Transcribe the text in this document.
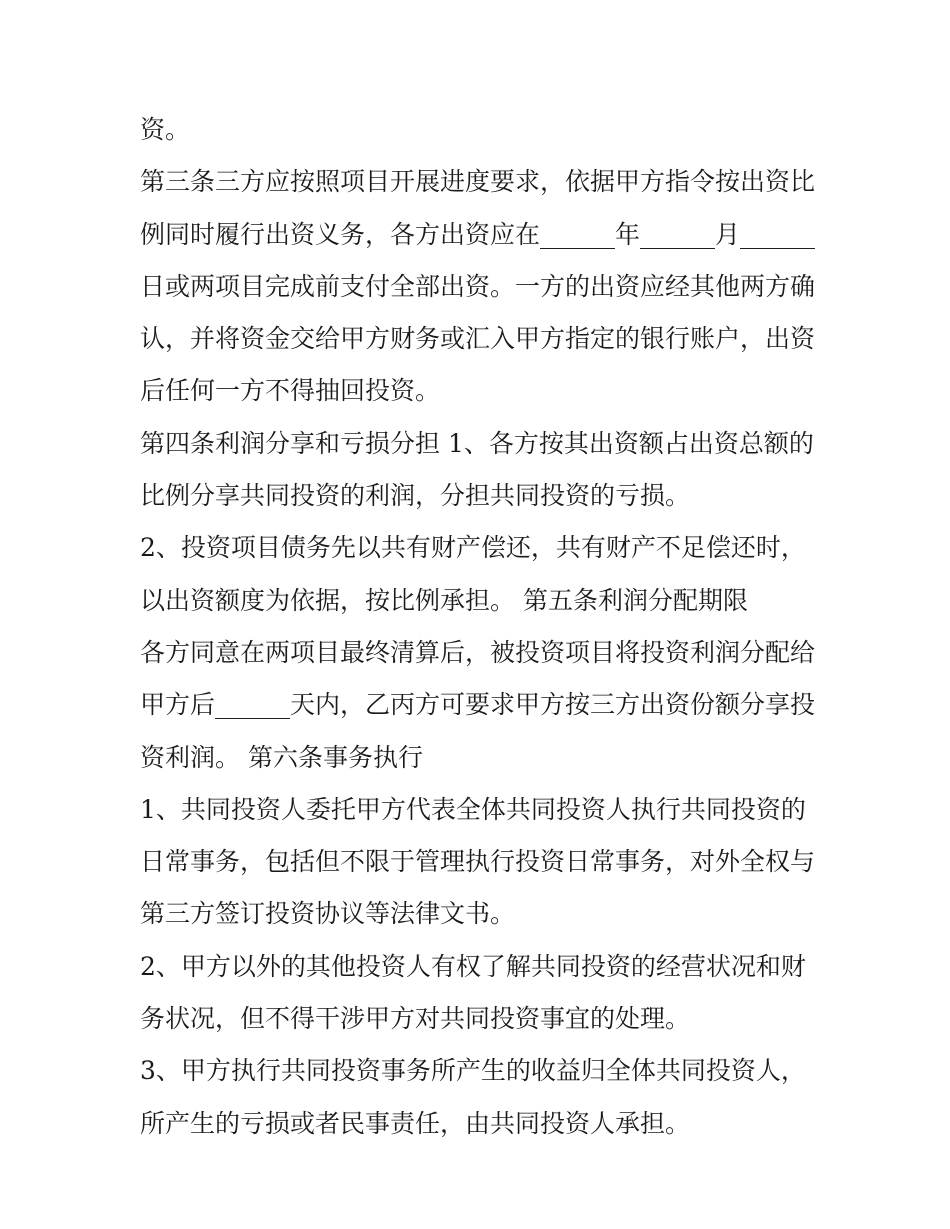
资。
第三条三方应按照项目开展进度要求，依据甲方指令按出资比
例同时履行出资义务，各方出资应在______年______月______
日或两项目完成前支付全部出资。一方的出资应经其他两方确
认，并将资金交给甲方财务或汇入甲方指定的银行账户，出资
后任何一方不得抽回投资。
第四条利润分享和亏损分担 1、各方按其出资额占出资总额的
比例分享共同投资的利润，分担共同投资的亏损。
2、投资项目债务先以共有财产偿还，共有财产不足偿还时，
以出资额度为依据，按比例承担。 第五条利润分配期限
各方同意在两项目最终清算后，被投资项目将投资利润分配给
甲方后______天内，乙丙方可要求甲方按三方出资份额分享投
资利润。 第六条事务执行
1、共同投资人委托甲方代表全体共同投资人执行共同投资的
日常事务，包括但不限于管理执行投资日常事务，对外全权与
第三方签订投资协议等法律文书。
2、甲方以外的其他投资人有权了解共同投资的经营状况和财
务状况，但不得干涉甲方对共同投资事宜的处理。
3、甲方执行共同投资事务所产生的收益归全体共同投资人，
所产生的亏损或者民事责任，由共同投资人承担。
